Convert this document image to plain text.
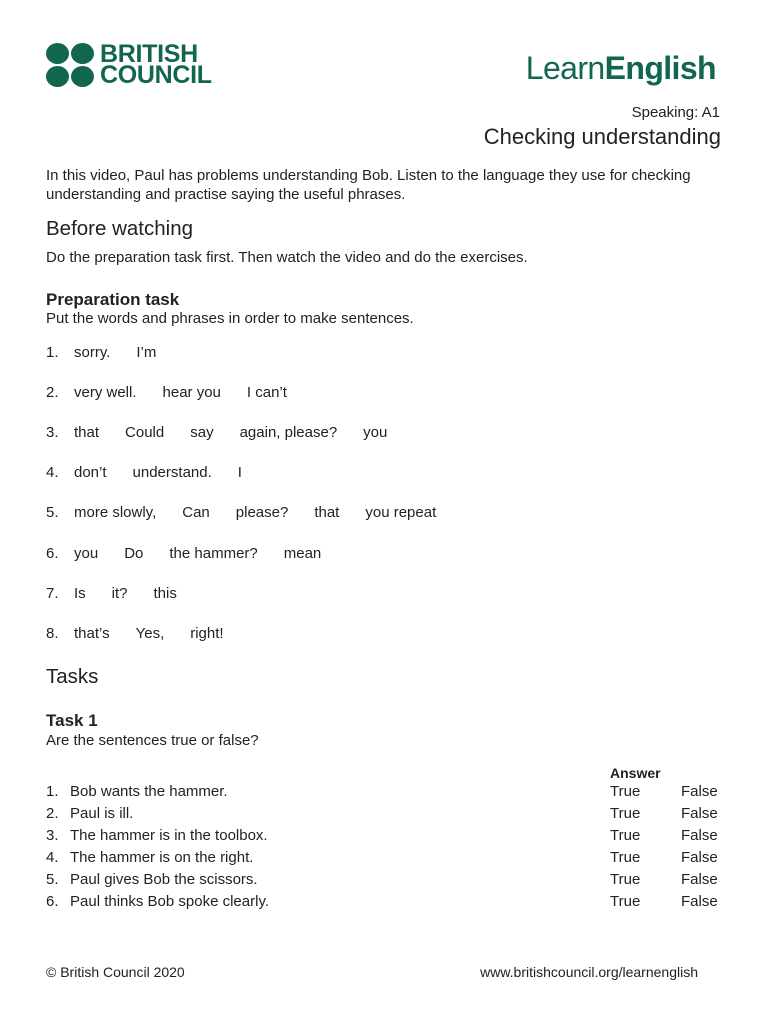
BRITISH
COUNCIL	LearnEnglish
Speaking: A1
Checking understanding
In this video, Paul has problems understanding Bob. Listen to the language they use for checking understanding and practise saying the useful phrases.
Before watching
Do the preparation task first. Then watch the video and do the exercises.
Preparation task
Put the words and phrases in order to make sentences.
1.	sorry. I’m
2.	very well. hear you I can’t
3.	that Could say again, please? you
4.	don’t understand. I
5.	more slowly, Can please? that you repeat
6.	you Do the hammer? mean
7.	Is it? this
8.	that’s Yes, right!
Tasks
Task 1
Are the sentences true or false?
Answer
1. Bob wants the hammer.	True	False
2. Paul is ill.	True	False
3. The hammer is in the toolbox.	True	False
4. The hammer is on the right.	True	False
5. Paul gives Bob the scissors.	True	False
6. Paul thinks Bob spoke clearly.	True	False
© British Council 2020	www.britishcouncil.org/learnenglish
